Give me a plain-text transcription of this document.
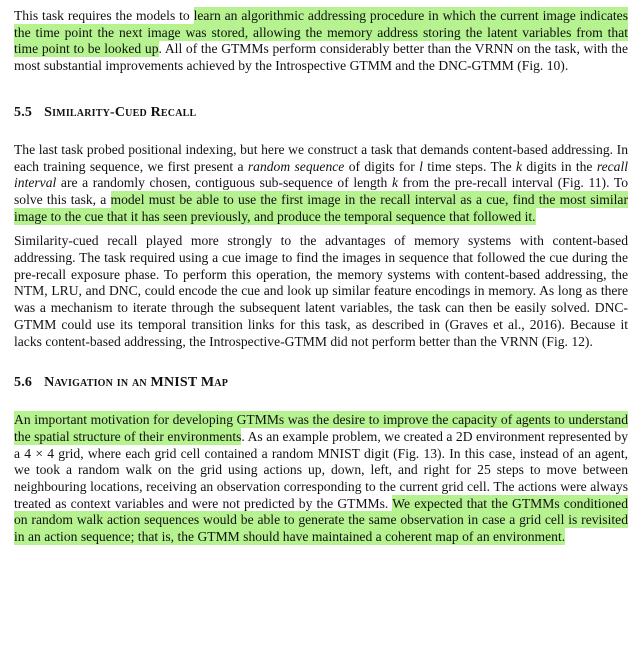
This task requires the models to learn an algorithmic addressing procedure in which the current image indicates the time point the next image was stored, allowing the memory address storing the latent variables from that time point to be looked up. All of the GTMMs perform considerably better than the VRNN on the task, with the most substantial improvements achieved by the Introspective GTMM and the DNC-GTMM (Fig. 10).

5.5 Similarity-Cued Recall

The last task probed positional indexing, but here we construct a task that demands content-based addressing. In each training sequence, we first present a random sequence of digits for l time steps. The k digits in the recall interval are a randomly chosen, contiguous sub-sequence of length k from the pre-recall interval (Fig. 11). To solve this task, a model must be able to use the first image in the recall interval as a cue, find the most similar image to the cue that it has seen previously, and produce the temporal sequence that followed it.

Similarity-cued recall played more strongly to the advantages of memory systems with content-based addressing. The task required using a cue image to find the images in sequence that followed the cue during the pre-recall exposure phase. To perform this operation, the memory systems with content-based addressing, the NTM, LRU, and DNC, could encode the cue and look up similar feature encodings in memory. As long as there was a mechanism to iterate through the subsequent latent variables, the task can then be easily solved. DNC-GTMM could use its temporal transition links for this task, as described in (Graves et al., 2016). Because it lacks content-based addressing, the Introspective-GTMM did not perform better than the VRNN (Fig. 12).

5.6 Navigation in an MNIST Map

An important motivation for developing GTMMs was the desire to improve the capacity of agents to understand the spatial structure of their environments. As an example problem, we created a 2D environment represented by a 4 × 4 grid, where each grid cell contained a random MNIST digit (Fig. 13). In this case, instead of an agent, we took a random walk on the grid using actions up, down, left, and right for 25 steps to move between neighbouring locations, receiving an observation corresponding to the current grid cell. The actions were always treated as context variables and were not predicted by the GTMMs. We expected that the GTMMs conditioned on random walk action sequences would be able to generate the same observation in case a grid cell is revisited in an action sequence; that is, the GTMM should have maintained a coherent map of an environment.
